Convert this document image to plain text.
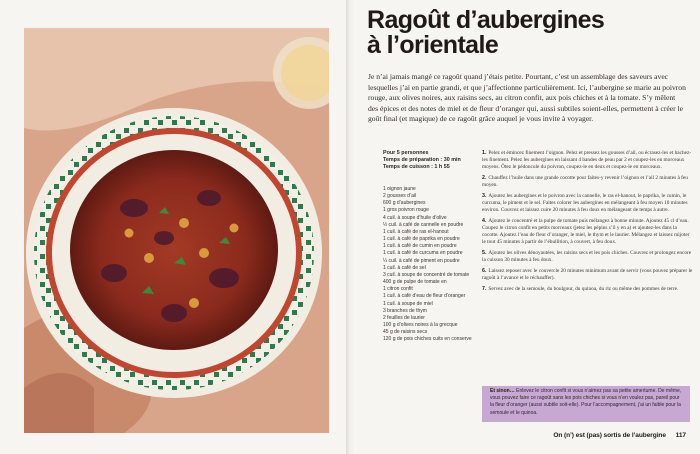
Ragoût d’aubergines
à l’orientale
Je n’ai jamais mangé ce ragoût quand j’étais petite. Pourtant, c’est un assemblage des saveurs avec lesquelles j’ai en partie grandi, et que j’affectionne particulièrement. Ici, l’aubergine se marie au poivron rouge, aux olives noires, aux raisins secs, au citron confit, aux pois chiches et à la tomate. S’y mêlent des épices et des notes de miel et de fleur d’oranger qui, aussi subtiles soient-elles, permettent à créer le goût final (et magique) de ce ragoût grâce auquel je vous invite à voyager.
Pour 5 personnes
Temps de préparation : 30 min
Temps de cuisson : 1 h 55
1 oignon jaune
2 gousses d’ail
600 g d’aubergines
1 gros poivron rouge
4 cuil. à soupe d’huile d’olive
½ cuil. à café de cannelle en poudre
1 cuil. à café de ras el-hanout
1 cuil. à café de paprika en poudre
1 cuil. à café de cumin en poudre
1 cuil. à café de curcuma en poudre
¼ cuil. à café de piment en poudre
1 cuil. à café de sel
3 cuil. à soupe de concentré de tomate
400 g de pulpe de tomate en
1 citron confit
1 cuil. à café d’eau de fleur d’oranger
1 cuil. à soupe de miel
3 branches de thym
2 feuilles de laurier
100 g d’olives noires à la grecque
45 g de raisins secs
120 g de pois chiches cuits en conserve
1. Pelez et émincez finement l’oignon. Pelez et pressez les gousses d’ail, ou écrasez-les et hachez-les finement. Pelez les aubergines en laissant 4 bandes de peau par 2 et coupez-les en morceaux moyens. Ôtez le pédoncule du poivron, coupez-le en deux et coupez-le en morceaux.
2. Chauffez l’huile dans une grande cocotte pour faites-y revenir l’oignon et l’ail 2 minutes à feu moyen.
3. Ajoutez les aubergines et le poivron avec la cannelle, le ras el-hanout, le paprika, le cumin, le curcuma, le piment et le sel. Faites colorer les aubergines en mélangeant à feu moyen 10 minutes environ. Couvrez et laissez cuire 20 minutes à feu doux en mélangeant de temps à autre.
4. Ajoutez le concentré et la pulpe de tomate puis mélangez à bonne minute. Ajoutez 45 cl d’eau. Coupez le citron confit en petits morceaux (jetez les pépins s’il y en a) et ajoutez-les dans la cocotte. Ajoutez l’eau de fleur d’oranger, le miel, le thym et le laurier. Mélangez et laissez mijoter le tout 45 minutes à partir de l’ébullition, à couvert, à feu doux.
5. Ajoutez les olives dénoyautées, les raisins secs et les pois chiches. Couvrez et prolongez encore la cuisson 30 minutes à feu doux.
6. Laissez reposer avec le couvercle 20 minutes minimum avant de servir (vous pouvez préparer le ragoût à l’avance et le réchauffer).
7. Servez avec de la semoule, du boulgour, du quinoa, du riz ou même des pommes de terre.
Et sinon… Enlevez le citron confit si vous n’aimez pas sa petite amertume. De même, vous pouvez faire ce ragoût sans les pois chiches si vous n’en voulez pas, pareil pour la fleur d’oranger (aussi subtile soit-elle). Pour l’accompagnement, j’ai un faible pour la semoule et le quinoa.
On (n’) est (pas) sortis de l’aubergine 117
